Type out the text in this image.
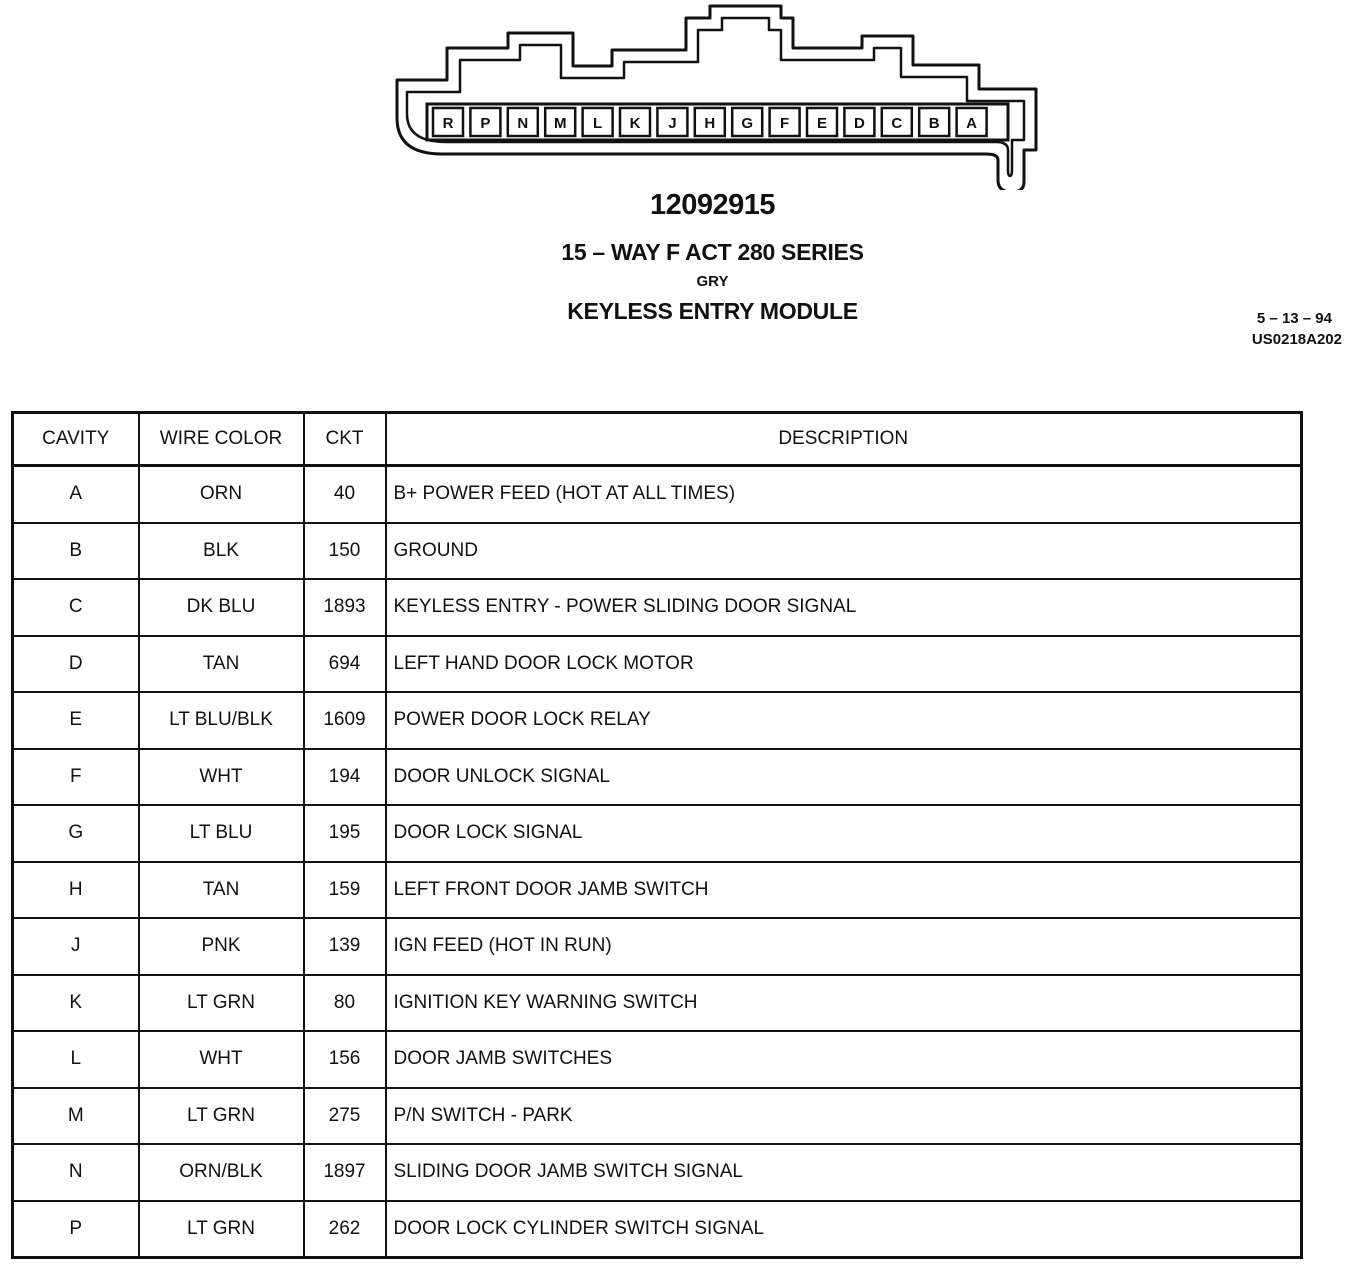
R P N M L K J H G F E D C B A
12092915
15 – WAY F ACT 280 SERIES
GRY
KEYLESS ENTRY MODULE	5 – 13 – 94
US0218A202
CAVITY	WIRE COLOR	CKT	DESCRIPTION
A	ORN	40	B+ POWER FEED (HOT AT ALL TIMES)
B	BLK	150	GROUND
C	DK BLU	1893	KEYLESS ENTRY - POWER SLIDING DOOR SIGNAL
D	TAN	694	LEFT HAND DOOR LOCK MOTOR
E	LT BLU/BLK	1609	POWER DOOR LOCK RELAY
F	WHT	194	DOOR UNLOCK SIGNAL
G	LT BLU	195	DOOR LOCK SIGNAL
H	TAN	159	LEFT FRONT DOOR JAMB SWITCH
J	PNK	139	IGN FEED (HOT IN RUN)
K	LT GRN	80	IGNITION KEY WARNING SWITCH
L	WHT	156	DOOR JAMB SWITCHES
M	LT GRN	275	P/N SWITCH - PARK
N	ORN/BLK	1897	SLIDING DOOR JAMB SWITCH SIGNAL
P	LT GRN	262	DOOR LOCK CYLINDER SWITCH SIGNAL
